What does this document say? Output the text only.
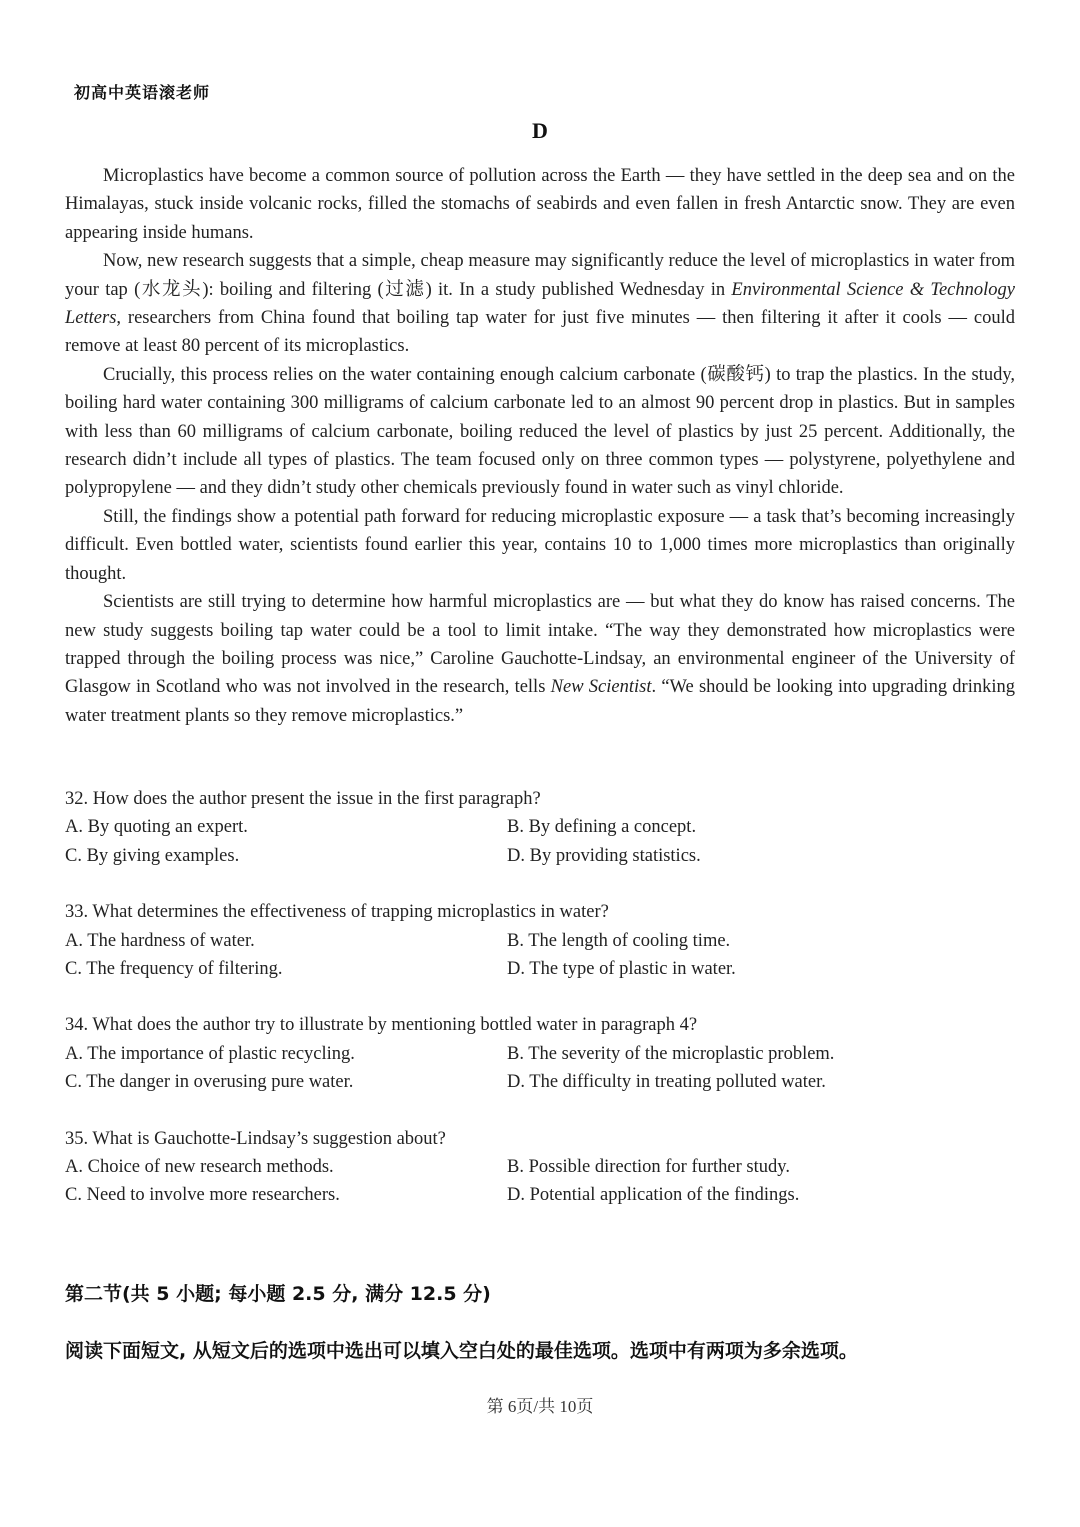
初高中英语滚老师
D

Microplastics have become a common source of pollution across the Earth — they have settled in the deep sea and on the Himalayas, stuck inside volcanic rocks, filled the stomachs of seabirds and even fallen in fresh Antarctic snow. They are even appearing inside humans.

Now, new research suggests that a simple, cheap measure may significantly reduce the level of microplastics in water from your tap (水龙头): boiling and filtering (过滤) it. In a study published Wednesday in Environmental Science & Technology Letters, researchers from China found that boiling tap water for just five minutes — then filtering it after it cools — could remove at least 80 percent of its microplastics.

Crucially, this process relies on the water containing enough calcium carbonate (碳酸钙) to trap the plastics. In the study, boiling hard water containing 300 milligrams of calcium carbonate led to an almost 90 percent drop in plastics. But in samples with less than 60 milligrams of calcium carbonate, boiling reduced the level of plastics by just 25 percent. Additionally, the research didn’t include all types of plastics. The team focused only on three common types — polystyrene, polyethylene and polypropylene — and they didn’t study other chemicals previously found in water such as vinyl chloride.

Still, the findings show a potential path forward for reducing microplastic exposure — a task that’s becoming increasingly difficult. Even bottled water, scientists found earlier this year, contains 10 to 1,000 times more microplastics than originally thought.

Scientists are still trying to determine how harmful microplastics are — but what they do know has raised concerns. The new study suggests boiling tap water could be a tool to limit intake. “The way they demonstrated how microplastics were trapped through the boiling process was nice,” Caroline Gauchotte-Lindsay, an environmental engineer of the University of Glasgow in Scotland who was not involved in the research, tells New Scientist. “We should be looking into upgrading drinking water treatment plants so they remove microplastics.”

32. How does the author present the issue in the first paragraph?

A. By quoting an expert.	B. By defining a concept.

C. By giving examples.	D. By providing statistics.

33. What determines the effectiveness of trapping microplastics in water?

A. The hardness of water.	B. The length of cooling time.

C. The frequency of filtering.	D. The type of plastic in water.

34. What does the author try to illustrate by mentioning bottled water in paragraph 4?

A. The importance of plastic recycling.	B. The severity of the microplastic problem.

C. The danger in overusing pure water.	D. The difficulty in treating polluted water.

35. What is Gauchotte-Lindsay’s suggestion about?

A. Choice of new research methods.	B. Possible direction for further study.

C. Need to involve more researchers.	D. Potential application of the findings.

第二节(共 5 小题; 每小题 2.5 分, 满分 12.5 分)
阅读下面短文, 从短文后的选项中选出可以填入空白处的最佳选项。选项中有两项为多余选项。
第 6页/共 10页
